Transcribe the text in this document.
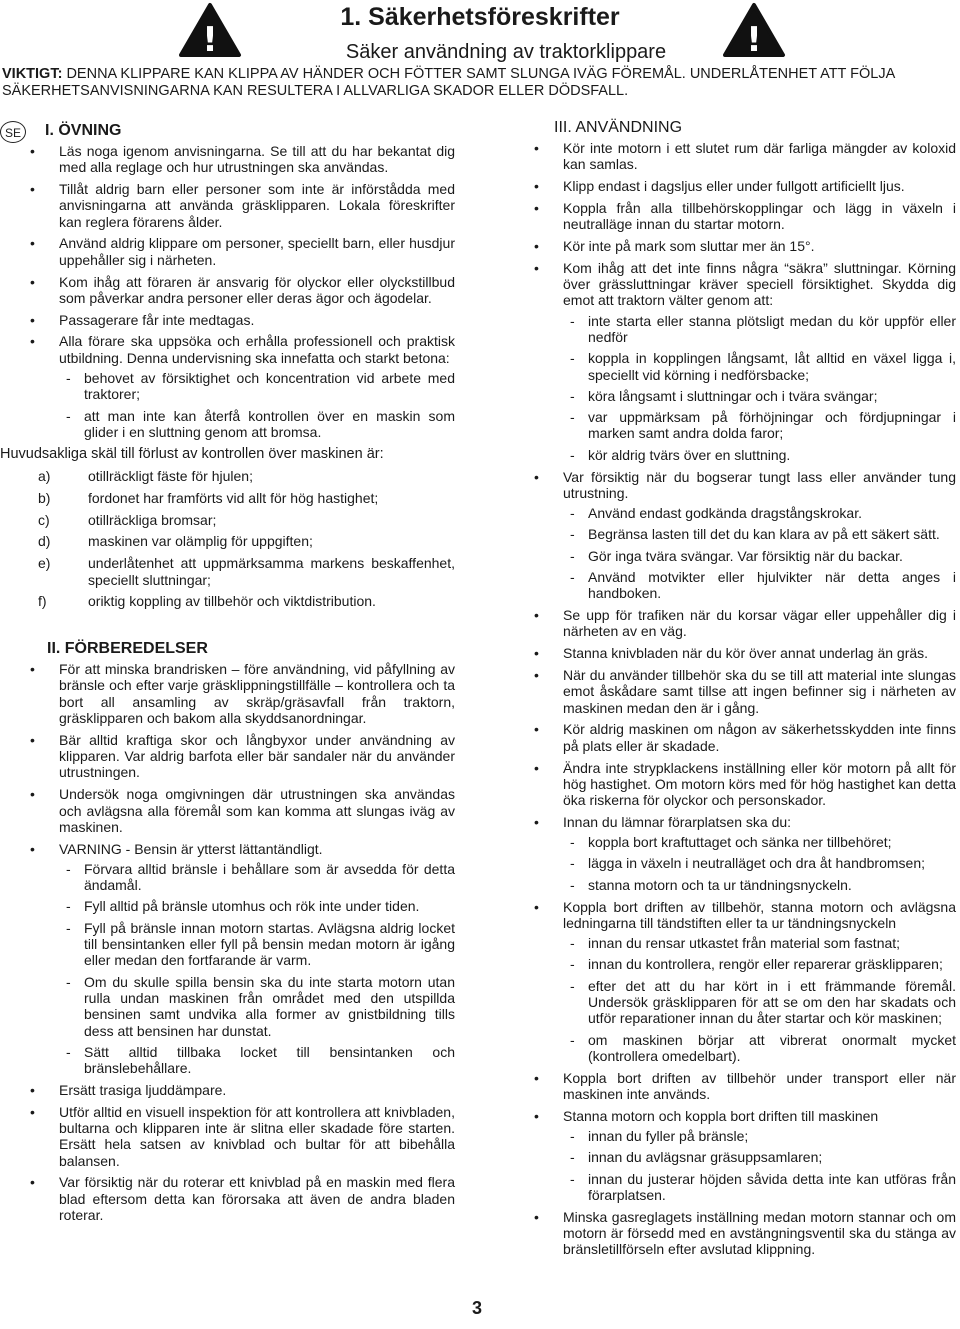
!	!
1. Säkerhetsföreskrifter
Säker användning av traktorklippare
VIKTIGT: DENNA KLIPPARE KAN KLIPPA AV HÄNDER OCH FÖTTER SAMT SLUNGA IVÄG FÖREMÅL. UNDERLÅTENHET ATT FÖLJA SÄKERHETSANVISNINGARNA KAN RESULTERA I ALLVARLIGA SKADOR ELLER DÖDSFALL.
SE	I. ÖVNING
• Läs noga igenom anvisningarna. Se till att du har bekantat dig med alla reglage och hur utrustningen ska användas.
• Tillåt aldrig barn eller personer som inte är införstådda med anvisningarna att använda gräsklipparen. Lokala föreskrifter kan reglera förarens ålder.
• Använd aldrig klippare om personer, speciellt barn, eller husdjur uppehåller sig i närheten.
• Kom ihåg att föraren är ansvarig för olyckor eller olyckstillbud som påverkar andra personer eller deras ägor och ägodelar.
• Passagerare får inte medtagas.
• Alla förare ska uppsöka och erhålla professionell och praktisk utbildning. Denna undervisning ska innefatta och starkt betona:
- behovet av försiktighet och koncentration vid arbete med traktorer;
- att man inte kan återfå kontrollen över en maskin som glider i en sluttning genom att bromsa.
Huvudsakliga skäl till förlust av kontrollen över maskinen är:
a)	otillräckligt fäste för hjulen;
b)	fordonet har framförts vid allt för hög hastighet;
c)	otillräckliga bromsar;
d)	maskinen var olämplig för uppgiften;
e)	underlåtenhet att uppmärksamma markens beskaffenhet, speciellt sluttningar;
f)	oriktig koppling av tillbehör och viktdistribution.
II. FÖRBEREDELSER
• För att minska brandrisken – före användning, vid påfyllning av bränsle och efter varje gräsklippningstillfälle – kontrollera och ta bort all ansamling av skräp/gräsavfall från traktorn, gräsklipparen och bakom alla skyddsanordningar.
• Bär alltid kraftiga skor och långbyxor under användning av klipparen. Var aldrig barfota eller bär sandaler när du använder utrustningen.
• Undersök noga omgivningen där utrustningen ska användas och avlägsna alla föremål som kan komma att slungas iväg av maskinen.
• VARNING - Bensin är ytterst lättantändligt.
- Förvara alltid bränsle i behållare som är avsedda för detta ändamål.
- Fyll alltid på bränsle utomhus och rök inte under tiden.
- Fyll på bränsle innan motorn startas. Avlägsna aldrig locket till bensintanken eller fyll på bensin medan motorn är igång eller medan den fortfarande är varm.
- Om du skulle spilla bensin ska du inte starta motorn utan rulla undan maskinen från området med den utspillda bensinen samt undvika alla former av gnistbildning tills dess att bensinen har dunstat.
- Sätt alltid tillbaka locket till bensintanken och bränslebehållare.
• Ersätt trasiga ljuddämpare.
• Utför alltid en visuell inspektion för att kontrollera att knivbladen, bultarna och klipparen inte är slitna eller skadade före starten. Ersätt hela satsen av knivblad och bultar för att bibehålla balansen.
• Var försiktig när du roterar ett knivblad på en maskin med flera blad eftersom detta kan förorsaka att även de andra bladen roterar.
III. ANVÄNDNING
• Kör inte motorn i ett slutet rum där farliga mängder av koloxid kan samlas.
• Klipp endast i dagsljus eller under fullgott artificiellt ljus.
• Koppla från alla tillbehörskopplingar och lägg in växeln i neutralläge innan du startar motorn.
• Kör inte på mark som sluttar mer än 15°.
• Kom ihåg att det inte finns några “säkra” sluttningar. Körning över grässluttningar kräver speciell försiktighet. Skydda dig emot att traktorn välter genom att:
- inte starta eller stanna plötsligt medan du kör uppför eller nedför
- koppla in kopplingen långsamt, låt alltid en växel ligga i, speciellt vid körning i nedförsbacke;
- köra långsamt i sluttningar och i tvära svängar;
- var uppmärksam på förhöjningar och fördjupningar i marken samt andra dolda faror;
- kör aldrig tvärs över en sluttning.
• Var försiktig när du bogserar tungt lass eller använder tung utrustning.
- Använd endast godkända dragstångskrokar.
- Begränsa lasten till det du kan klara av på ett säkert sätt.
- Gör inga tvära svängar. Var försiktig när du backar.
- Använd motvikter eller hjulvikter när detta anges i handboken.
• Se upp för trafiken när du korsar vägar eller uppehåller dig i närheten av en väg.
• Stanna knivbladen när du kör över annat underlag än gräs.
• När du använder tillbehör ska du se till att material inte slungas emot åskådare samt tillse att ingen befinner sig i närheten av maskinen medan den är i gång.
• Kör aldrig maskinen om någon av säkerhetsskydden inte finns på plats eller är skadade.
• Ändra inte strypklackens inställning eller kör motorn på allt för hög hastighet. Om motorn körs med för hög hastighet kan detta öka riskerna för olyckor och personskador.
• Innan du lämnar förarplatsen ska du:
- koppla bort kraftuttaget och sänka ner tillbehöret;
- lägga in växeln i neutralläget och dra åt handbromsen;
- stanna motorn och ta ur tändningsnyckeln.
• Koppla bort driften av tillbehör, stanna motorn och avlägsna ledningarna till tändstiften eller ta ur tändningsnyckeln
- innan du rensar utkastet från material som fastnat;
- innan du kontrollera, rengör eller reparerar gräsklipparen;
- efter det att du har kört in i ett främmande föremål. Undersök gräsklipparen för att se om den har skadats och utför reparationer innan du åter startar och kör maskinen;
- om maskinen börjar att vibrerat onormalt mycket (kontrollera omedelbart).
• Koppla bort driften av tillbehör under transport eller när maskinen inte används.
• Stanna motorn och koppla bort driften till maskinen
- innan du fyller på bränsle;
- innan du avlägsnar gräsuppsamlaren;
- innan du justerar höjden såvida detta inte kan utföras från förarplatsen.
• Minska gasreglagets inställning medan motorn stannar och om motorn är försedd med en avstängningsventil ska du stänga av bränsletillförseln efter avslutad klippning.
3
